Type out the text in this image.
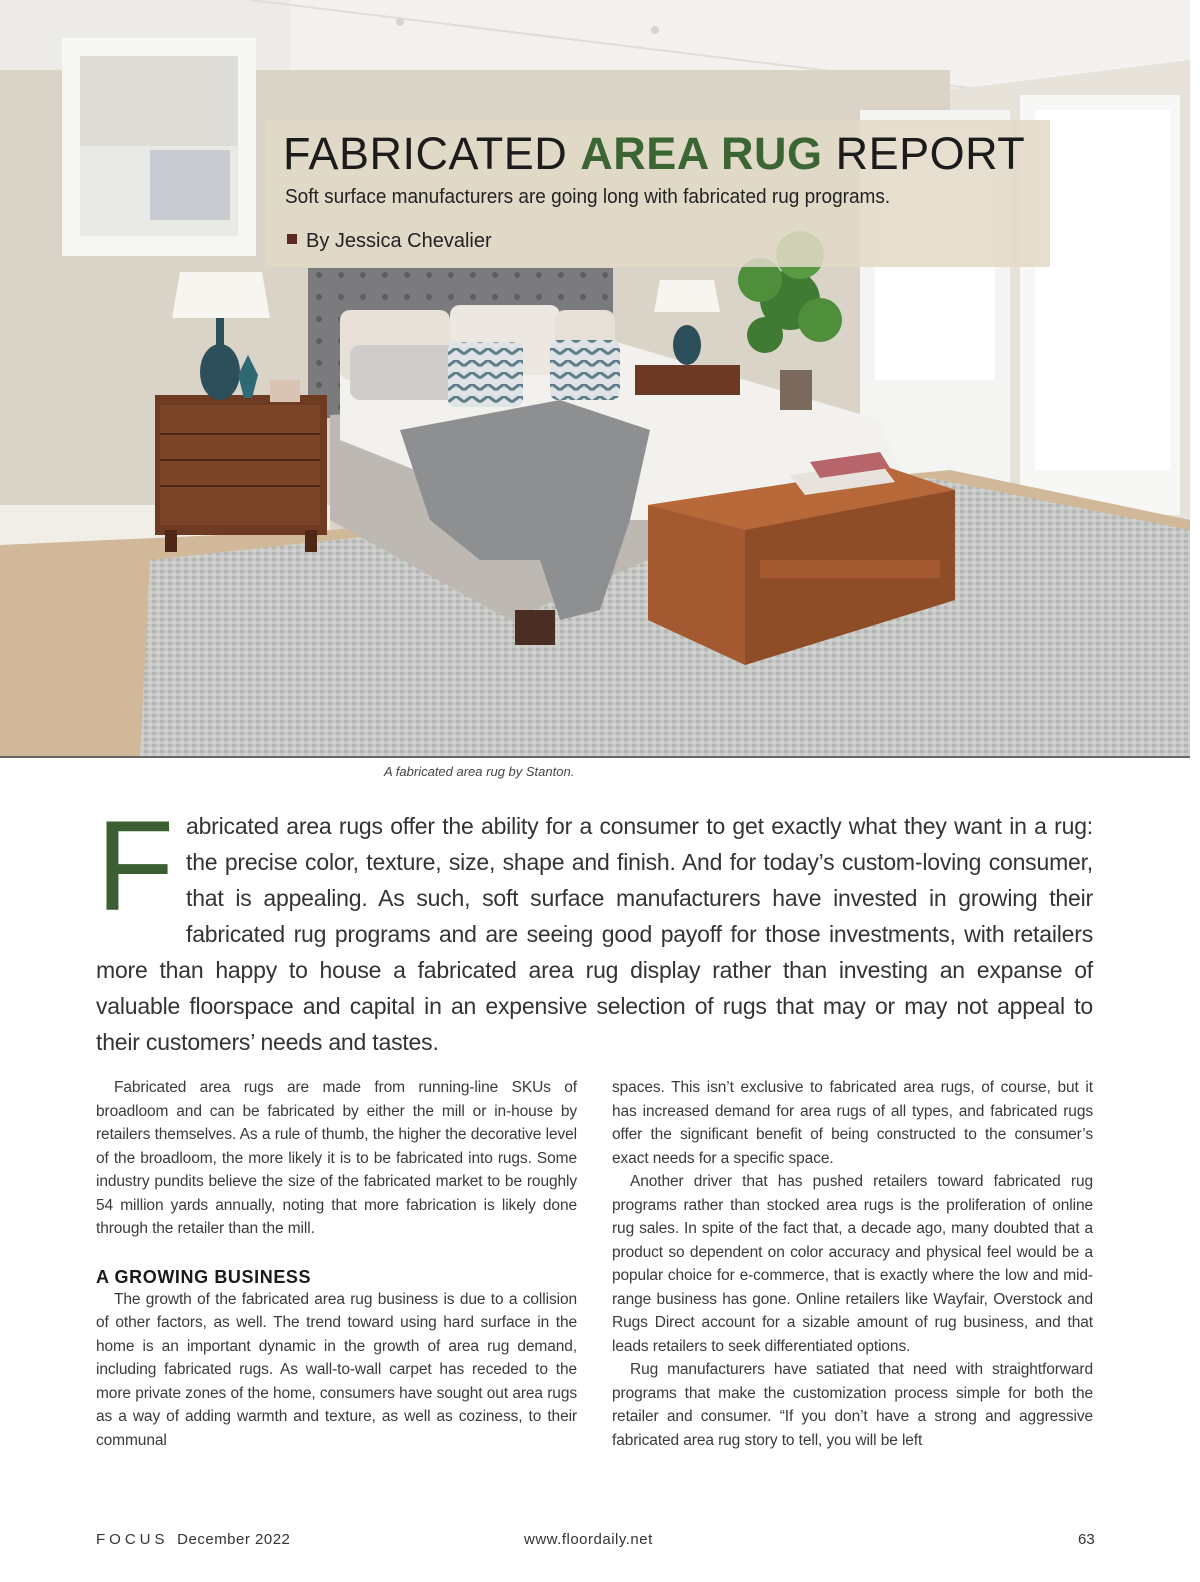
FABRICATED AREA RUG REPORT

Soft surface manufacturers are going long with fabricated rug programs.

By Jessica Chevalier
A fabricated area rug by Stanton.

Fabricated area rugs offer the ability for a consumer to get exactly what they want in a rug: the precise color, texture, size, shape and finish. And for today’s custom-loving consumer, that is appealing. As such, soft surface manufacturers have invested in growing their fabricated rug programs and are seeing good payoff for those investments, with retailers more than happy to house a fabricated area rug display rather than investing an expanse of valuable floorspace and capital in an expensive selection of rugs that may or may not appeal to their customers’ needs and tastes.

Fabricated area rugs are made from running-line SKUs of broadloom and can be fabricated by either the mill or in-house by retailers themselves. As a rule of thumb, the higher the decorative level of the broadloom, the more likely it is to be fabricated into rugs. Some industry pundits believe the size of the fabricated market to be roughly 54 million yards annually, noting that more fabrication is likely done through the retailer than the mill.

A GROWING BUSINESS

The growth of the fabricated area rug business is due to a collision of other factors, as well. The trend toward using hard surface in the home is an important dynamic in the growth of area rug demand, including fabricated rugs. As wall-to-wall carpet has receded to the more private zones of the home, consumers have sought out area rugs as a way of adding warmth and texture, as well as coziness, to their communal

spaces. This isn’t exclusive to fabricated area rugs, of course, but it has increased demand for area rugs of all types, and fabricated rugs offer the significant benefit of being constructed to the consumer’s exact needs for a specific space.

Another driver that has pushed retailers toward fabricated rug programs rather than stocked area rugs is the proliferation of online rug sales. In spite of the fact that, a decade ago, many doubted that a product so dependent on color accuracy and physical feel would be a popular choice for e-commerce, that is exactly where the low and mid-range business has gone. Online retailers like Wayfair, Overstock and Rugs Direct account for a sizable amount of rug business, and that leads retailers to seek differentiated options.

Rug manufacturers have satiated that need with straightforward programs that make the customization process simple for both the retailer and consumer. “If you don’t have a strong and aggressive fabricated area rug story to tell, you will be left

FOCUS December 2022	www.floordaily.net	63
